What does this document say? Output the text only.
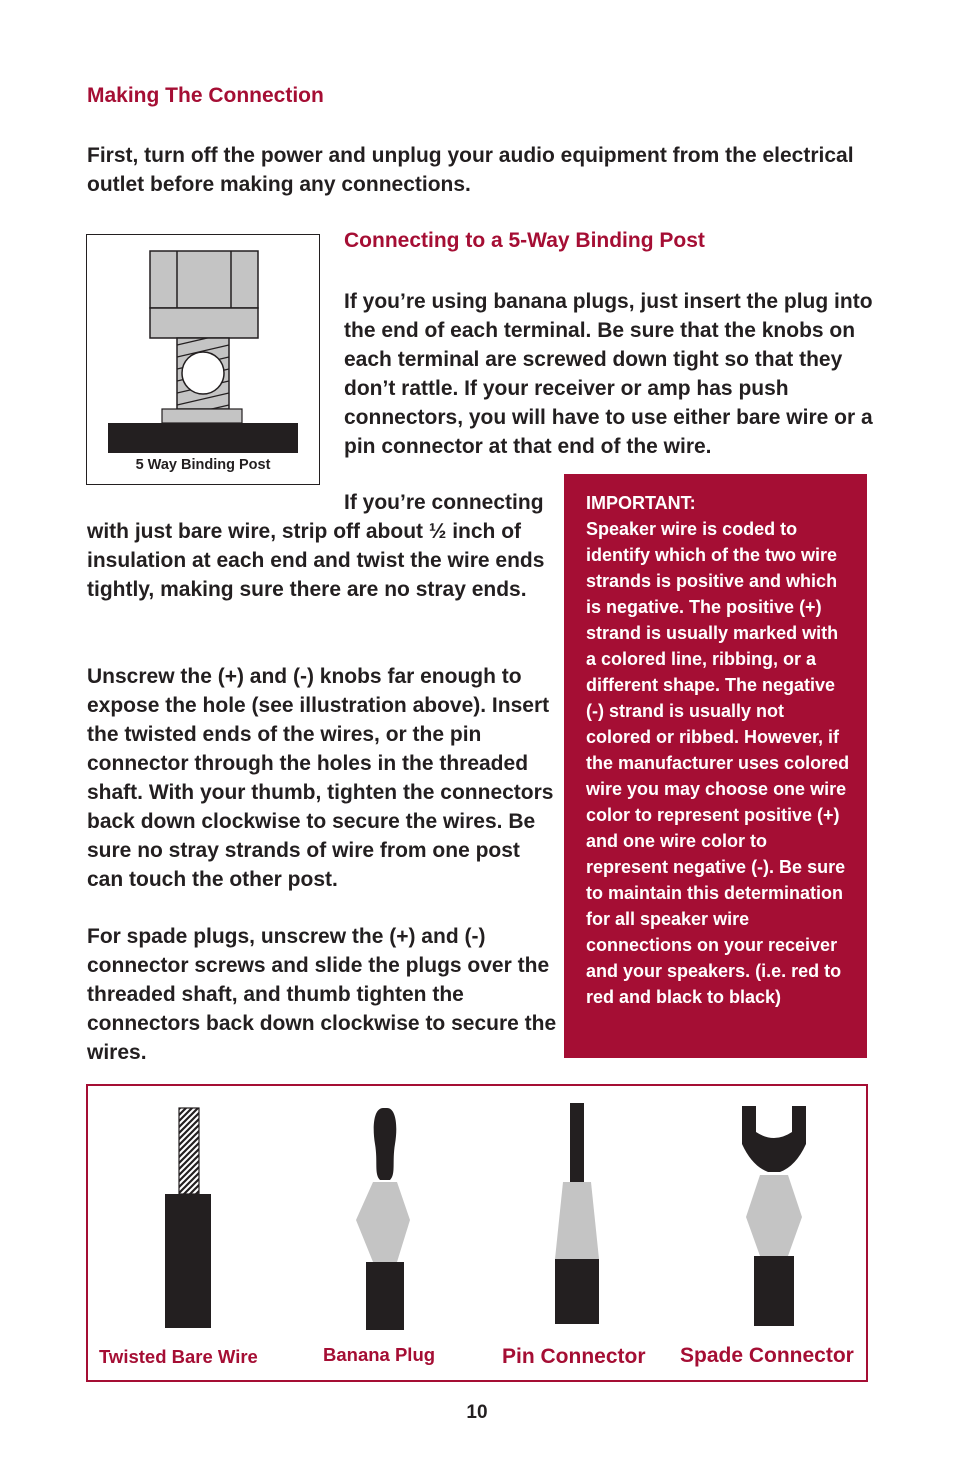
Making The Connection
First, turn off the power and unplug your audio equipment from the electrical outlet before making any connections.
5 Way Binding Post
Connecting to a 5-Way Binding Post
If you’re using banana plugs, just insert the plug into the end of each terminal. Be sure that the knobs on each terminal are screwed down tight so that they don’t rattle. If your receiver or amp has push connectors, you will have to use either bare wire or a pin connector at that end of the wire.
If you’re connecting
with just bare wire, strip off about ½ inch of insulation at each end and twist the wire ends tightly, making sure there are no stray ends.
Unscrew the (+) and (-) knobs far enough to expose the hole (see illustration above). Insert the twisted ends of the wires, or the pin connector through the holes in the threaded shaft. With your thumb, tighten the connectors back down clockwise to secure the wires. Be sure no stray strands of wire from one post can touch the other post.
For spade plugs, unscrew the (+) and (-) connector screws and slide the plugs over the threaded shaft, and thumb tighten the connectors back down clockwise to secure the wires.
IMPORTANT:
Speaker wire is coded to identify which of the two wire strands is positive and which is negative. The positive (+) strand is usually marked with a colored line, ribbing, or a different shape. The negative (-) strand is usually not colored or ribbed. However, if the manufacturer uses colored wire you may choose one wire color to represent positive (+) and one wire color to represent negative (-). Be sure to maintain this determination for all speaker wire connections on your receiver and your speakers. (i.e. red to red and black to black)
Twisted Bare Wire	Banana Plug	Pin Connector Spade Connector
10
